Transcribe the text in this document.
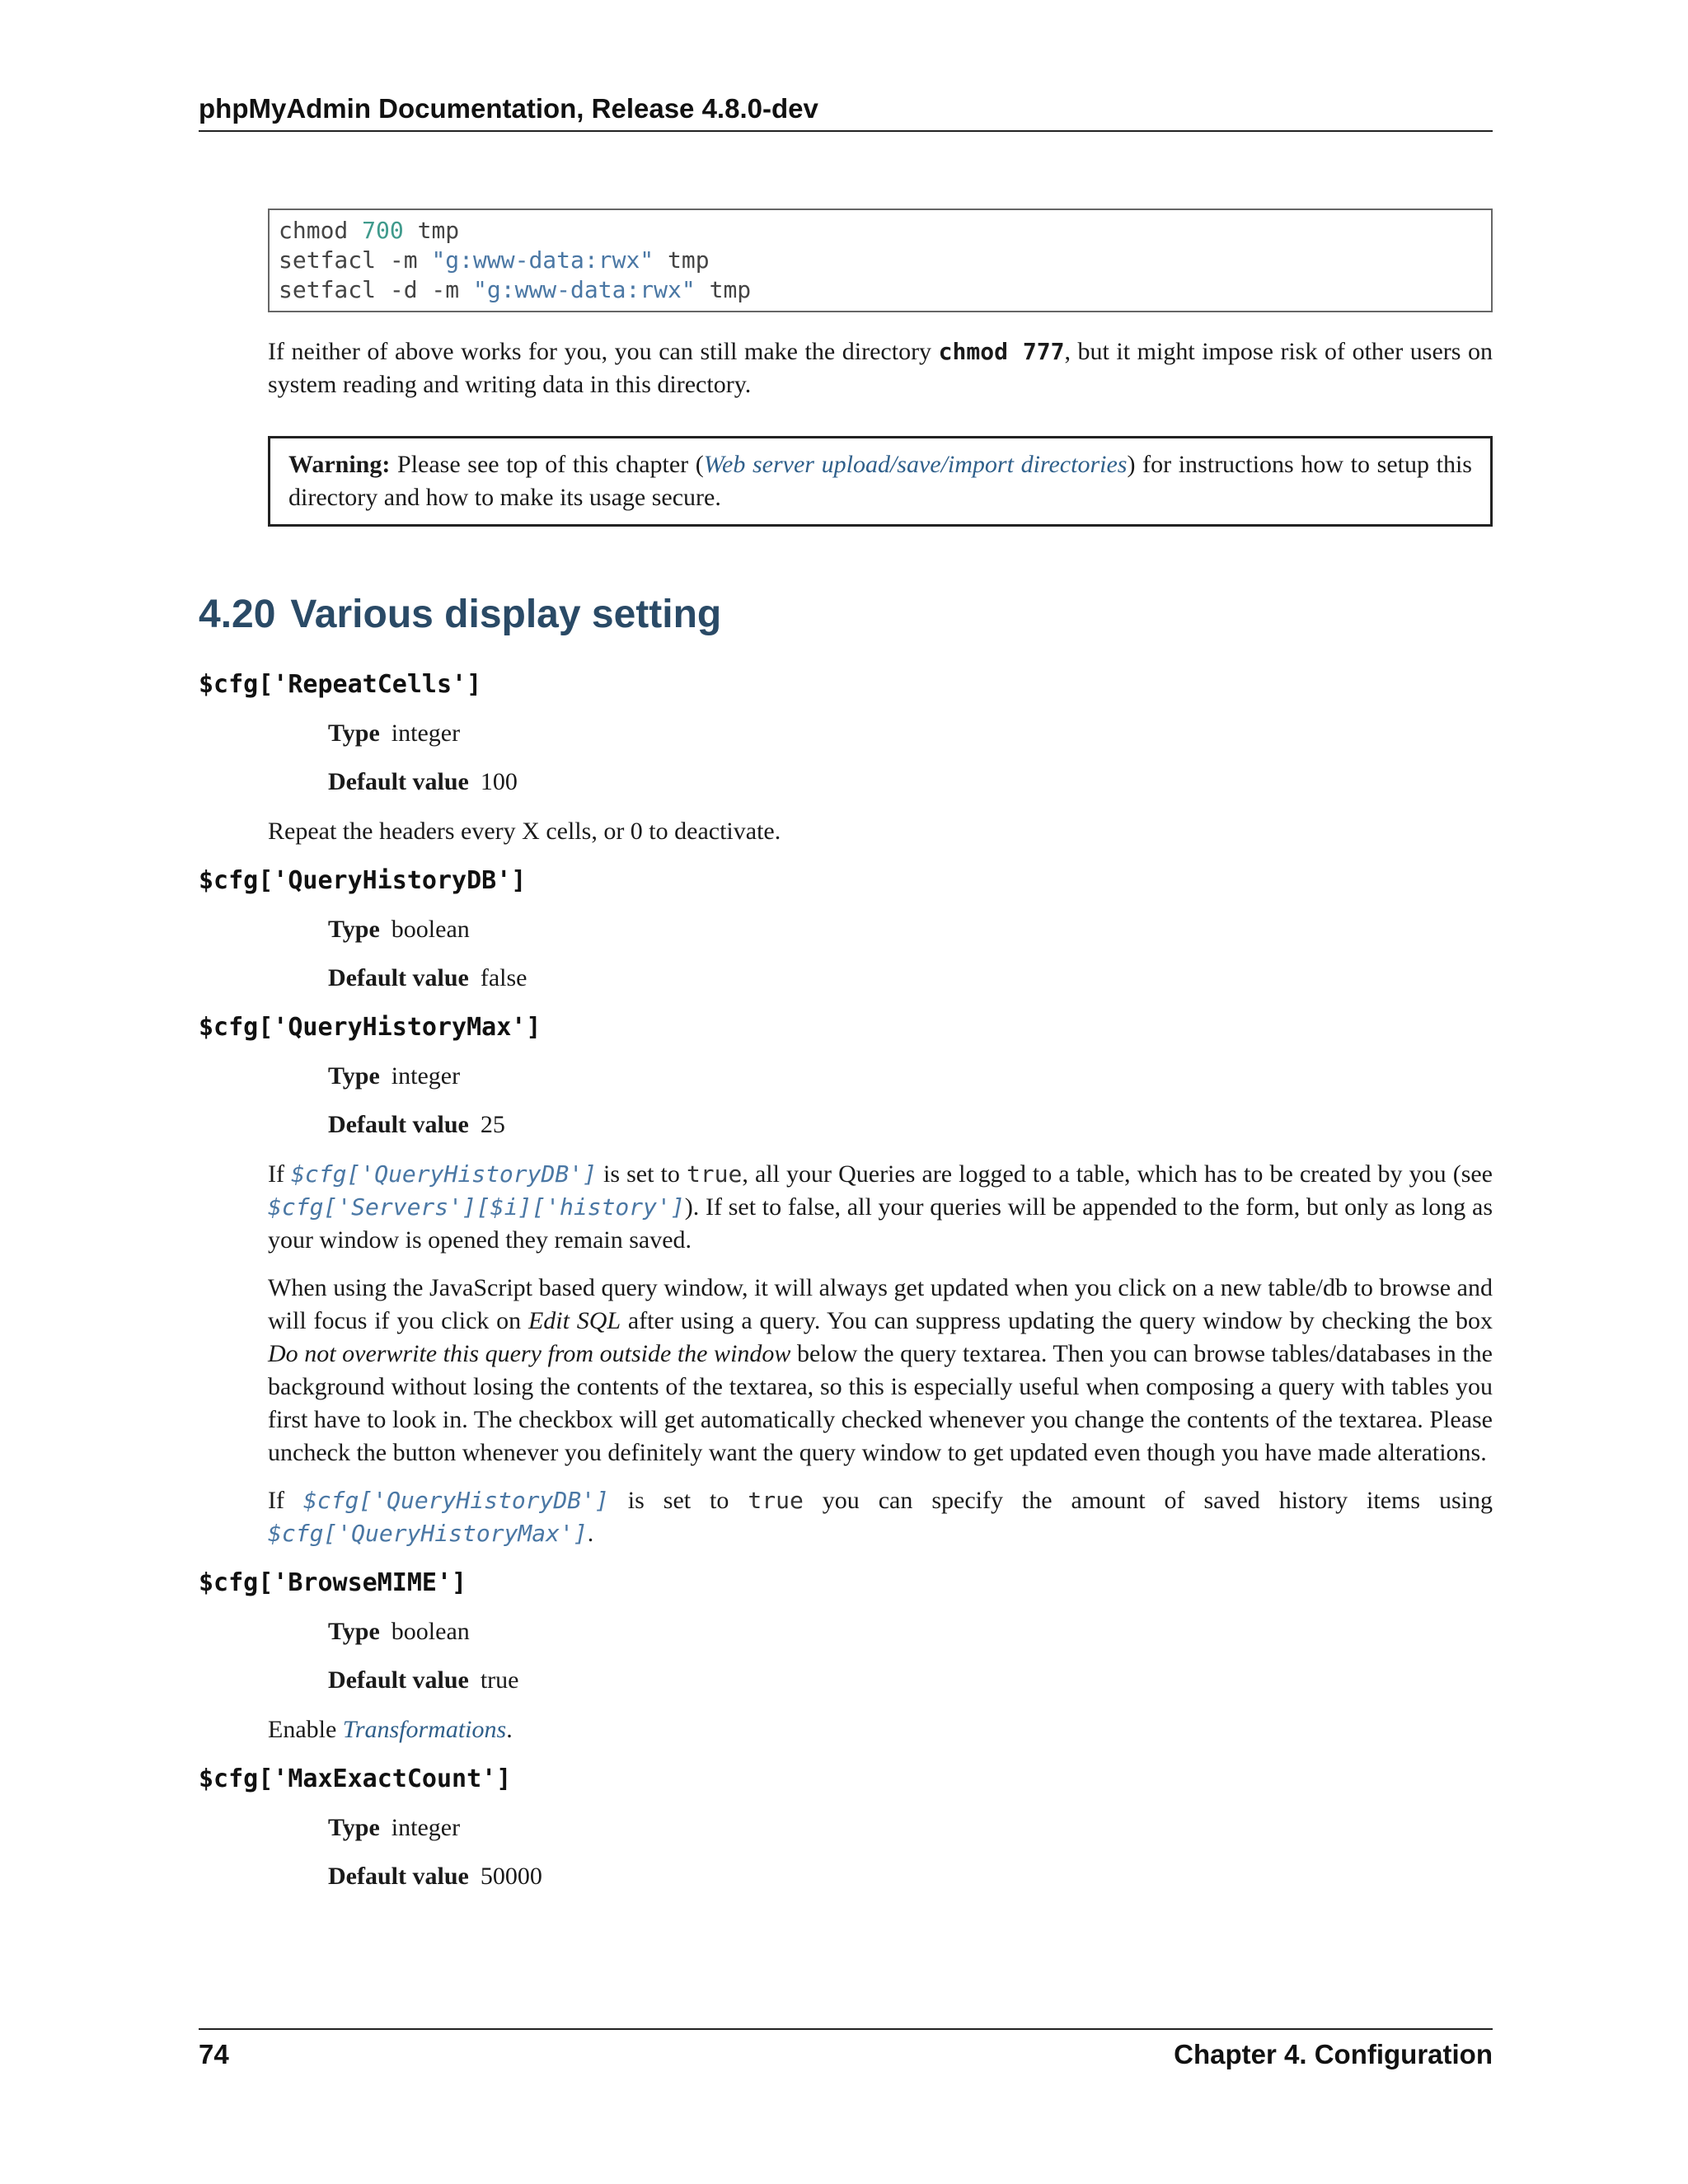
phpMyAdmin Documentation, Release 4.8.0-dev
chmod 700 tmp
setfacl -m "g:www-data:rwx" tmp
setfacl -d -m "g:www-data:rwx" tmp

If neither of above works for you, you can still make the directory chmod 777, but it might impose risk of other users on system reading and writing data in this directory.

Warning: Please see top of this chapter (Web server upload/save/import directories) for instructions how to setup this directory and how to make its usage secure.

4.20 Various display setting
$cfg['RepeatCells']
Type integer
Default value 100

Repeat the headers every X cells, or 0 to deactivate.

$cfg['QueryHistoryDB']
Type boolean
Default value false
$cfg['QueryHistoryMax']
Type integer
Default value 25

If $cfg['QueryHistoryDB'] is set to true, all your Queries are logged to a table, which has to be created by you (see $cfg['Servers'][$i]['history']). If set to false, all your queries will be appended to the form, but only as long as your window is opened they remain saved.

When using the JavaScript based query window, it will always get updated when you click on a new table/db to browse and will focus if you click on Edit SQL after using a query. You can suppress updating the query window by checking the box Do not overwrite this query from outside the window below the query textarea. Then you can browse tables/databases in the background without losing the contents of the textarea, so this is especially useful when composing a query with tables you first have to look in. The checkbox will get automatically checked whenever you change the contents of the textarea. Please uncheck the button whenever you definitely want the query window to get updated even though you have made alterations.

If $cfg['QueryHistoryDB'] is set to true you can specify the amount of saved history items using $cfg['QueryHistoryMax'].

$cfg['BrowseMIME']
Type boolean
Default value true

Enable Transformations.

$cfg['MaxExactCount']
Type integer
Default value 50000
74	Chapter 4. Configuration
